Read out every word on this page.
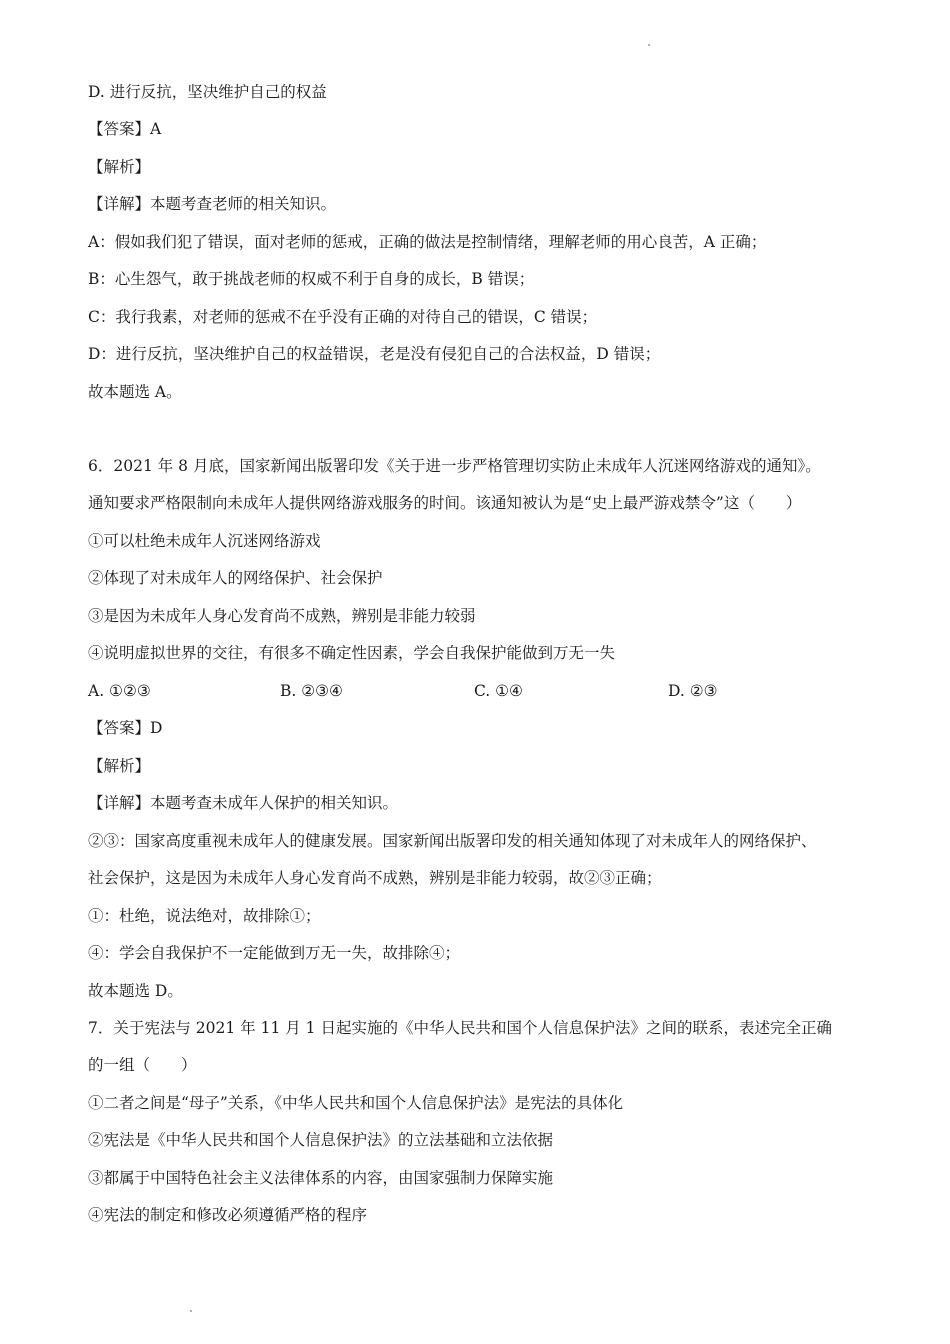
D. 进行反抗，坚决维护自己的权益
【答案】A
【解析】
【详解】本题考查老师的相关知识。
A：假如我们犯了错误，面对老师的惩戒，正确的做法是控制情绪，理解老师的用心良苦，A 正确；
B：心生怨气，敢于挑战老师的权威不利于自身的成长，B 错误；
C：我行我素，对老师的惩戒不在乎没有正确的对待自己的错误，C 错误；
D：进行反抗，坚决维护自己的权益错误，老是没有侵犯自己的合法权益，D 错误；
故本题选 A。
6．2021 年 8 月底，国家新闻出版署印发《关于进一步严格管理切实防止未成年人沉迷网络游戏的通知》。
通知要求严格限制向未成年人提供网络游戏服务的时间。该通知被认为是“史上最严游戏禁令”这（　　）
①可以杜绝未成年人沉迷网络游戏
②体现了对未成年人的网络保护、社会保护
③是因为未成年人身心发育尚不成熟，辨别是非能力较弱
④说明虚拟世界的交往，有很多不确定性因素，学会自我保护能做到万无一失
A. ①②③	B. ②③④	C. ①④	D. ②③
【答案】D
【解析】
【详解】本题考查未成年人保护的相关知识。
②③：国家高度重视未成年人的健康发展。国家新闻出版署印发的相关通知体现了对未成年人的网络保护、
社会保护，这是因为未成年人身心发育尚不成熟，辨别是非能力较弱，故②③正确；
①：杜绝，说法绝对，故排除①；
④：学会自我保护不一定能做到万无一失，故排除④；
故本题选 D。
7．关于宪法与 2021 年 11 月 1 日起实施的《中华人民共和国个人信息保护法》之间的联系，表述完全正确
的一组（　　）
①二者之间是“母子”关系，《中华人民共和国个人信息保护法》是宪法的具体化
②宪法是《中华人民共和国个人信息保护法》的立法基础和立法依据
③都属于中国特色社会主义法律体系的内容，由国家强制力保障实施
④宪法的制定和修改必须遵循严格的程序
